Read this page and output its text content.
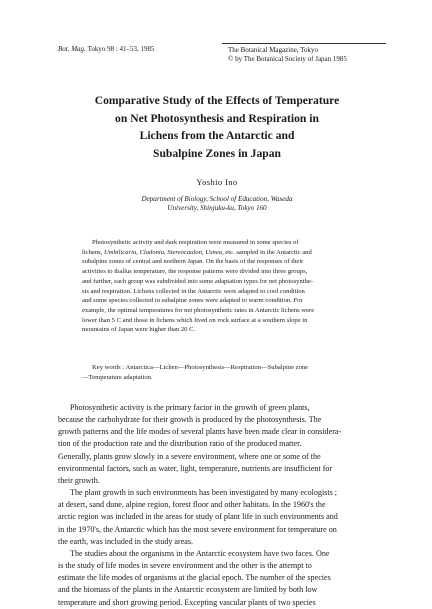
Bot. Mag. Tokyo 98 : 41–53, 1985	The Botanical Magazine, Tokyo
© by The Botanical Society of Japan 1985
Comparative Study of the Effects of Temperature
on Net Photosynthesis and Respiration in
Lichens from the Antarctic and
Subalpine Zones in Japan
Yoshio Ino
Department of Biology, School of Education, Waseda
University, Shinjuku-ku, Tokyo 160
Photosynthetic activity and dark respiration were measured in some species of
lichens, Umbilicaria, Cladonia, Stereocaulon, Usnea, etc. sampled in the Antarctic and
subalpine zones of central and northern Japan. On the basis of the responses of their
activities to thallus temperature, the response patterns were divided into three groups,
and further, each group was subdivided into some adaptation types for net photosynthe-
sis and respiration. Lichens collected in the Antarctic were adapted to cool condition
and some species collected in subalpine zones were adapted to warm condition. For
example, the optimal temperatures for net photosynthetic rates in Antarctic lichens were
lower than 5 C and those in lichens which lived on rock surface at a southern slope in
mountains of Japan were higher than 20 C.
Key words : Antarctica—Lichen—Photosynthesis—Respiration—Subalpine zone
—Temperature adaptation.
Photosynthetic activity is the primary factor in the growth of green plants,
because the carbohydrate for their growth is produced by the photosynthesis. The
growth patterns and the life modes of several plants have been made clear in considera-
tion of the production rate and the distribution ratio of the produced matter.
Generally, plants grow slowly in a severe environment, where one or some of the
environmental factors, such as water, light, temperature, nutrients are insufficient for
their growth.
The plant growth in such environments has been investigated by many ecologists ;
at desert, sand dune, alpine region, forest floor and other habitats. In the 1960's the
arctic region was included in the areas for study of plant life in such environments and
in the 1970's, the Antarctic which has the most severe environment for temperature on
the earth, was included in the study areas.
The studies about the organisms in the Antarctic ecosystem have two faces. One
is the study of life modes in severe environment and the other is the attempt to
estimate the life modes of organisms at the glacial epoch. The number of the species
and the biomass of the plants in the Antarctic ecosystem are limited by both low
temperature and short growing period. Excepting vascular plants of two species
